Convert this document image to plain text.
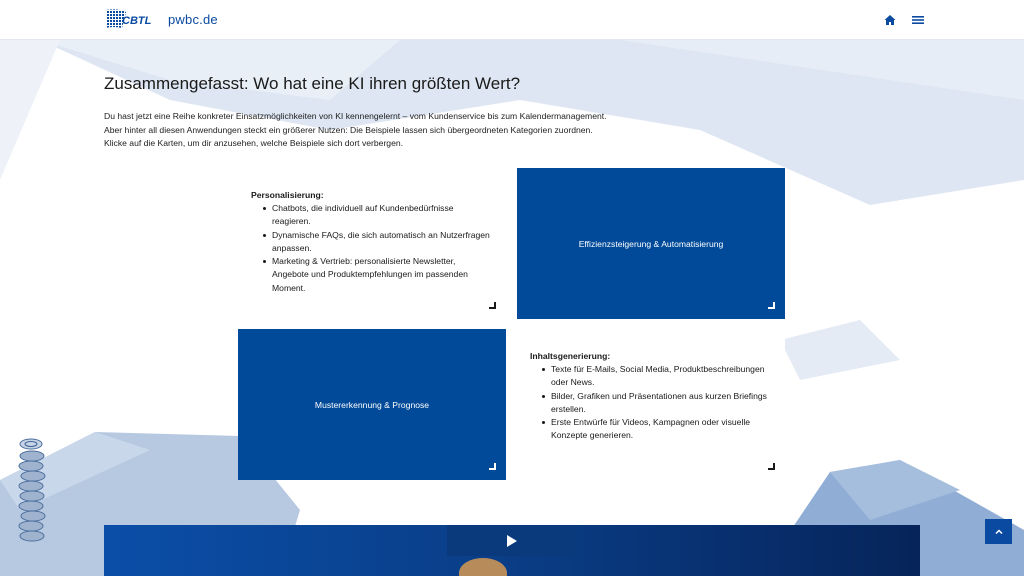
CBTL pwbc.de
Zusammengefasst: Wo hat eine KI ihren größten Wert?

Du hast jetzt eine Reihe konkreter Einsatzmöglichkeiten von KI kennengelernt – vom Kundenservice bis zum Kalendermanagement.
Aber hinter all diesen Anwendungen steckt ein größerer Nutzen: Die Beispiele lassen sich übergeordneten Kategorien zuordnen.
Klicke auf die Karten, um dir anzusehen, welche Beispiele sich dort verbergen.

Personalisierung:
Chatbots, die individuell auf Kundenbedürfnisse reagieren.
Dynamische FAQs, die sich automatisch an Nutzerfragen anpassen.
Marketing & Vertrieb: personalisierte Newsletter, Angebote und Produktempfehlungen im passenden Moment.
Effizienzsteigerung & Automatisierung
Mustererkennung & Prognose
Inhaltsgenerierung:
Texte für E-Mails, Social Media, Produktbeschreibungen oder News.
Bilder, Grafiken und Präsentationen aus kurzen Briefings erstellen.
Erste Entwürfe für Videos, Kampagnen oder visuelle Konzepte generieren.
